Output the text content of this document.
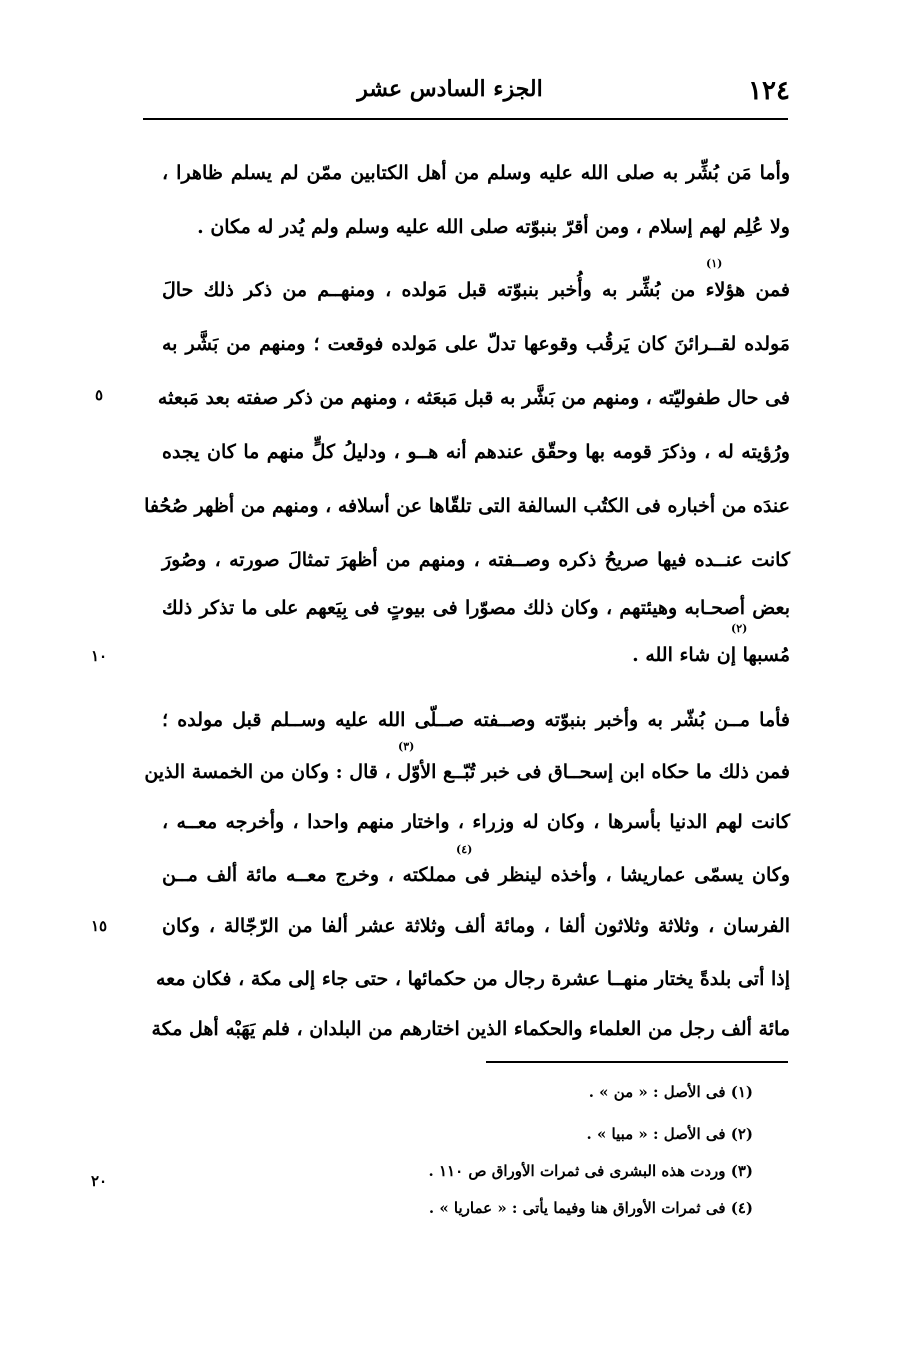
١٢٤
الجزء السادس عشر
وأما مَن بُشِّر به صلى الله عليه وسلم من أهل الكتابين ممّن لم يسلم ظاهرا ،
ولا عُلِم لهم إسلام ، ومن أقرّ بنبوّته صلى الله عليه وسلم ولم يُدر له مكان .
(١)
فمن هؤلاء من بُشِّر به وأُخبر بنبوّته قبل مَولده ، ومنهــم من ذكر ذلك حالَ
مَولده لقــرائنَ كان يَرقُب وقوعها تدلّ على مَولده فوقعت ؛ ومنهم من بَشَّر به
فى حال طفوليّته ، ومنهم من بَشَّر به قبل مَبعَثه ، ومنهم من ذكر صفته بعد مَبعثه
ورُؤيته له ، وذكرَ قومه بها وحقّق عندهم أنه هــو ، ودليلُ كلٍّ منهم ما كان يجده
عندَه من أخباره فى الكتُب السالفة التى تلقّاها عن أسلافه ، ومنهم من أظهر صُحُفا
كانت عنــده فيها صريحُ ذكره وصــفته ، ومنهم من أظهرَ تمثالَ صورته ، وصُورَ
بعض أصحـابه وهيئتهم ، وكان ذلك مصوّرا فى بيوتٍ فى بِيَعهم على ما تذكر ذلك
(٢)
مُسبها إن شاء الله .
فأما مــن بُشّر به وأخبر بنبوّته وصــفته صــلّى الله عليه وســلم قبل مولده ؛
(٣)
فمن ذلك ما حكاه ابن إسحــاق فى خبر تُبّــع الأوّل ، قال : وكان من الخمسة الذين
كانت لهم الدنيا بأسرها ، وكان له وزراء ، واختار منهم واحدا ، وأخرجه معــه ،
(٤)
وكان يسمّى عماريشا ، وأخذه لينظر فى مملكته ، وخرج معــه مائة ألف مــن
الفرسان ، وثلاثة وثلاثون ألفا ، ومائة ألف وثلاثة عشر ألفا من الرّجّالة ، وكان
إذا أتى بلدةً يختار منهــا عشرة رجال من حكمائها ، حتى جاء إلى مكة ، فكان معه
مائة ألف رجل من العلماء والحكماء الذين اختارهم من البلدان ، فلم يَهَبْه أهل مكة
٥
١٠
١٥
٢٠
(١) فى الأصل : « من » .
(٢) فى الأصل : « مبيا » .
(٣) وردت هذه البشرى فى ثمرات الأوراق ص ١١٠ .
(٤) فى ثمرات الأوراق هنا وفيما يأتى : « عماريا » .
